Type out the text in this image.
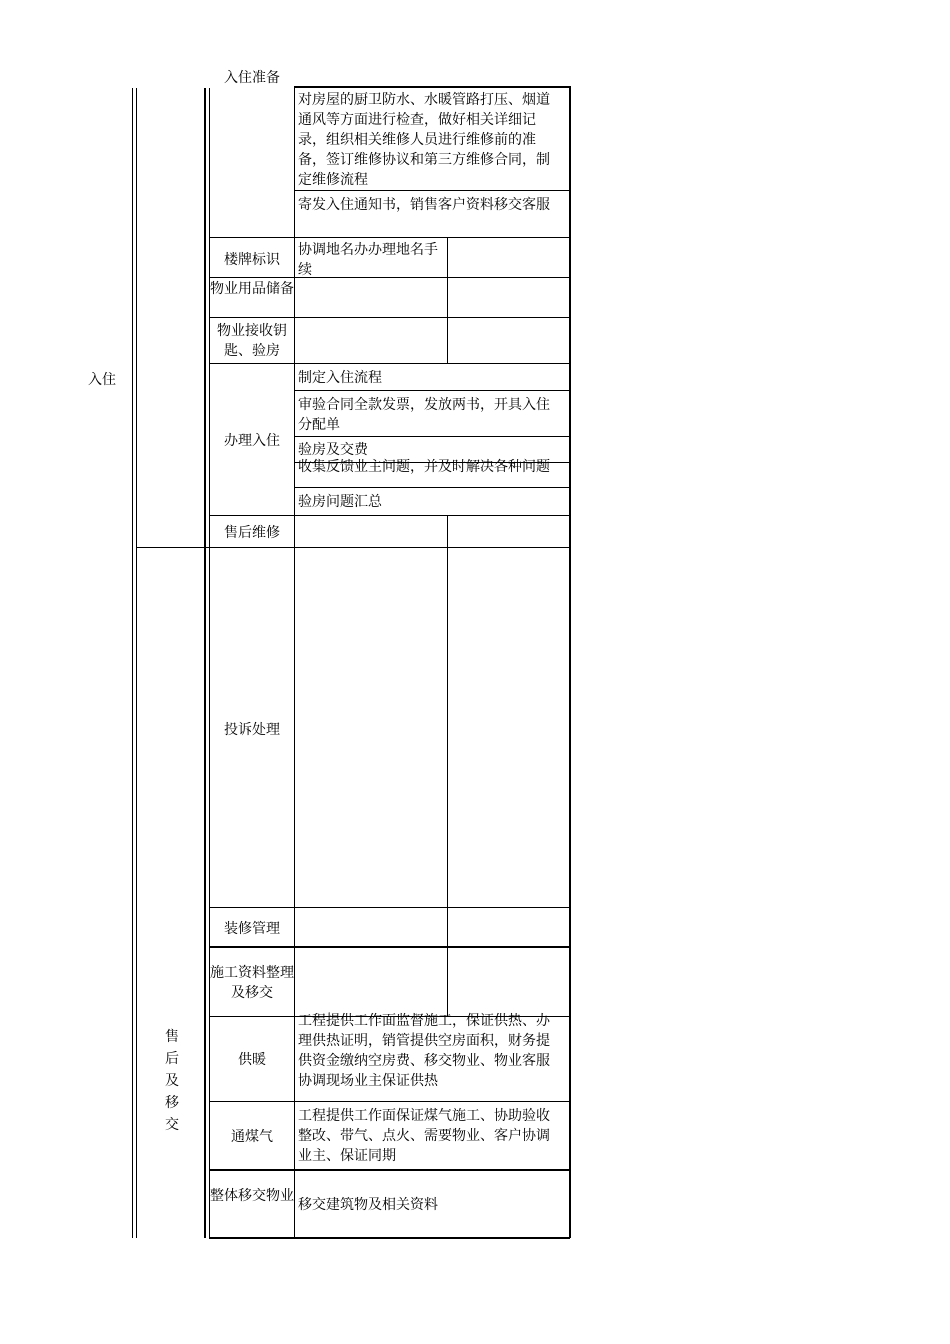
入住
售后及移交
入住准备
对房屋的厨卫防水、水暖管路打压、烟道通风等方面进行检查，做好相关详细记录，组织相关维修人员进行维修前的准备，签订维修协议和第三方维修合同，制定维修流程
寄发入住通知书，销售客户资料移交客服
楼牌标识
协调地名办办理地名手续
物业用品储备
物业接收钥匙、验房
办理入住
制定入住流程
审验合同全款发票，发放两书，开具入住分配单
验房及交费
收集反馈业主问题，并及时解决各种问题
验房问题汇总
售后维修
投诉处理
装修管理
施工资料整理及移交
供暖
工程提供工作面监督施工，保证供热、办理供热证明，销管提供空房面积，财务提供资金缴纳空房费、移交物业、物业客服协调现场业主保证供热
通煤气
工程提供工作面保证煤气施工、协助验收整改、带气、点火、需要物业、客户协调业主、保证同期
整体移交物业
移交建筑物及相关资料
